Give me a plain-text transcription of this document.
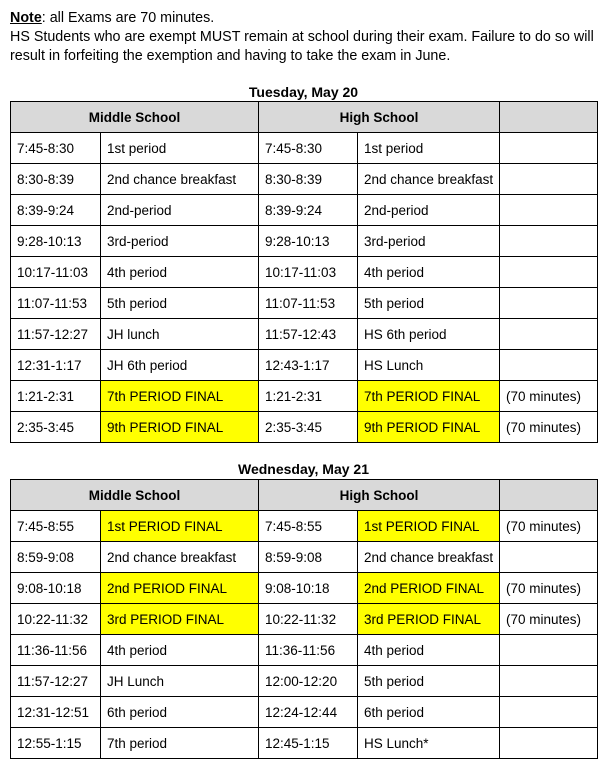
Note: all Exams are 70 minutes.
HS Students who are exempt MUST remain at school during their exam. Failure to do so will result in forfeiting the exemption and having to take the exam in June.
Tuesday, May 20
Middle School		High School		
7:45-8:30	1st period	7:45-8:30	1st period	
8:30-8:39	2nd chance breakfast	8:30-8:39	2nd chance breakfast	
8:39-9:24	2nd-period	8:39-9:24	2nd-period	
9:28-10:13	3rd-period	9:28-10:13	3rd-period	
10:17-11:03	4th period	10:17-11:03	4th period	
11:07-11:53	5th period	11:07-11:53	5th period	
11:57-12:27	JH lunch	11:57-12:43	HS 6th period	
12:31-1:17	JH 6th period	12:43-1:17	HS Lunch	
1:21-2:31	7th PERIOD FINAL	1:21-2:31	7th PERIOD FINAL	(70 minutes)
2:35-3:45	9th PERIOD FINAL	2:35-3:45	9th PERIOD FINAL	(70 minutes)
Wednesday, May 21
Middle School		High School		
7:45-8:55	1st PERIOD FINAL	7:45-8:55	1st PERIOD FINAL	(70 minutes)
8:59-9:08	2nd chance breakfast	8:59-9:08	2nd chance breakfast	
9:08-10:18	2nd PERIOD FINAL	9:08-10:18	2nd PERIOD FINAL	(70 minutes)
10:22-11:32	3rd PERIOD FINAL	10:22-11:32	3rd PERIOD FINAL	(70 minutes)
11:36-11:56	4th period	11:36-11:56	4th period	
11:57-12:27	JH Lunch	12:00-12:20	5th period	
12:31-12:51	6th period	12:24-12:44	6th period	
12:55-1:15	7th period	12:45-1:15	HS Lunch*	
